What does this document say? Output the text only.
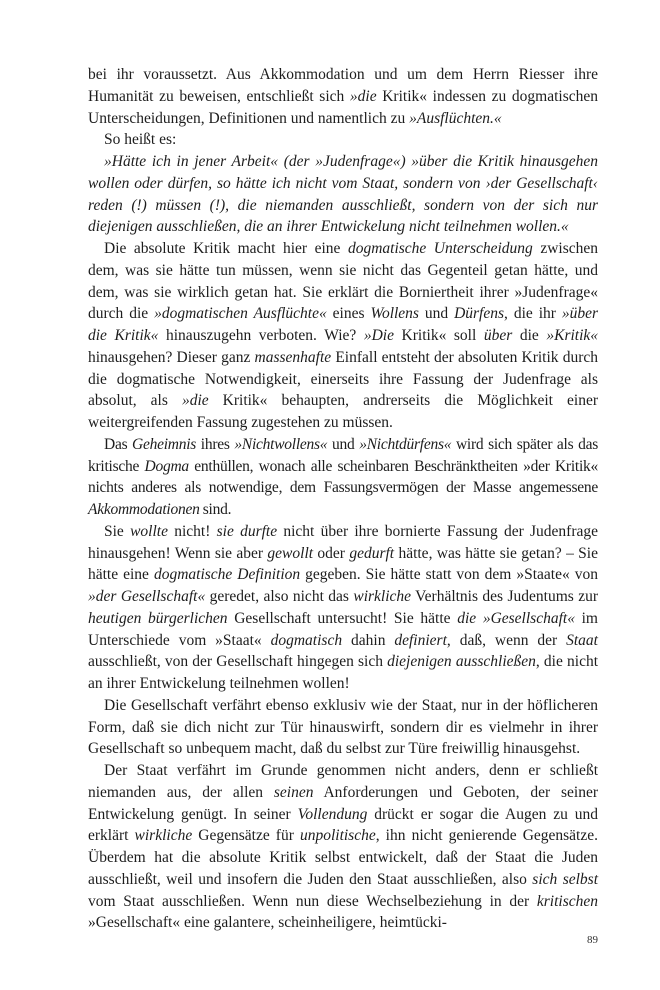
bei ihr voraussetzt. Aus Akkommodation und um dem Herrn Riesser ihre Humanität zu beweisen, entschließt sich »die Kritik« indessen zu dogmatischen Unterscheidungen, Definitionen und namentlich zu »Ausflüchten.«

So heißt es:

»Hätte ich in jener Arbeit« (der »Judenfrage«) »über die Kritik hinausgehen wollen oder dürfen, so hätte ich nicht vom Staat, sondern von ›der Gesellschaft‹ reden (!) müssen (!), die niemanden ausschließt, sondern von der sich nur diejenigen ausschließen, die an ihrer Entwickelung nicht teilnehmen wollen.«

Die absolute Kritik macht hier eine dogmatische Unterscheidung zwischen dem, was sie hätte tun müssen, wenn sie nicht das Gegenteil getan hätte, und dem, was sie wirklich getan hat. Sie erklärt die Borniertheit ihrer »Judenfrage« durch die »dogmatischen Ausflüchte« eines Wollens und Dürfens, die ihr »über die Kritik« hinauszugehn verboten. Wie? »Die Kritik« soll über die »Kritik« hinausgehen? Dieser ganz massenhafte Einfall entsteht der absoluten Kritik durch die dogmatische Notwendigkeit, einerseits ihre Fassung der Judenfrage als absolut, als »die Kritik« behaupten, andrerseits die Möglichkeit einer weitergreifenden Fassung zugestehen zu müssen.

Das Geheimnis ihres »Nichtwollens« und »Nichtdürfens« wird sich später als das kritische Dogma enthüllen, wonach alle scheinbaren Beschränktheiten »der Kritik« nichts anderes als notwendige, dem Fassungsvermögen der Masse angemessene Akkommodationen sind.

Sie wollte nicht! sie durfte nicht über ihre bornierte Fassung der Judenfrage hinausgehen! Wenn sie aber gewollt oder gedurft hätte, was hätte sie getan? – Sie hätte eine dogmatische Definition gegeben. Sie hätte statt von dem »Staate« von »der Gesellschaft« geredet, also nicht das wirkliche Verhältnis des Judentums zur heutigen bürgerlichen Gesellschaft untersucht! Sie hätte die »Gesellschaft« im Unterschiede vom »Staat« dogmatisch dahin definiert, daß, wenn der Staat ausschließt, von der Gesellschaft hingegen sich diejenigen ausschließen, die nicht an ihrer Entwickelung teilnehmen wollen!

Die Gesellschaft verfährt ebenso exklusiv wie der Staat, nur in der höflicheren Form, daß sie dich nicht zur Tür hinauswirft, sondern dir es vielmehr in ihrer Gesellschaft so unbequem macht, daß du selbst zur Türe freiwillig hinausgehst.

Der Staat verfährt im Grunde genommen nicht anders, denn er schließt niemanden aus, der allen seinen Anforderungen und Geboten, der seiner Entwickelung genügt. In seiner Vollendung drückt er sogar die Augen zu und erklärt wirkliche Gegensätze für unpolitische, ihn nicht genierende Gegensätze. Überdem hat die absolute Kritik selbst entwickelt, daß der Staat die Juden ausschließt, weil und insofern die Juden den Staat ausschließen, also sich selbst vom Staat ausschließen. Wenn nun diese Wechselbeziehung in der kritischen »Gesellschaft« eine galantere, scheinheiligere, heimtücki-

89
